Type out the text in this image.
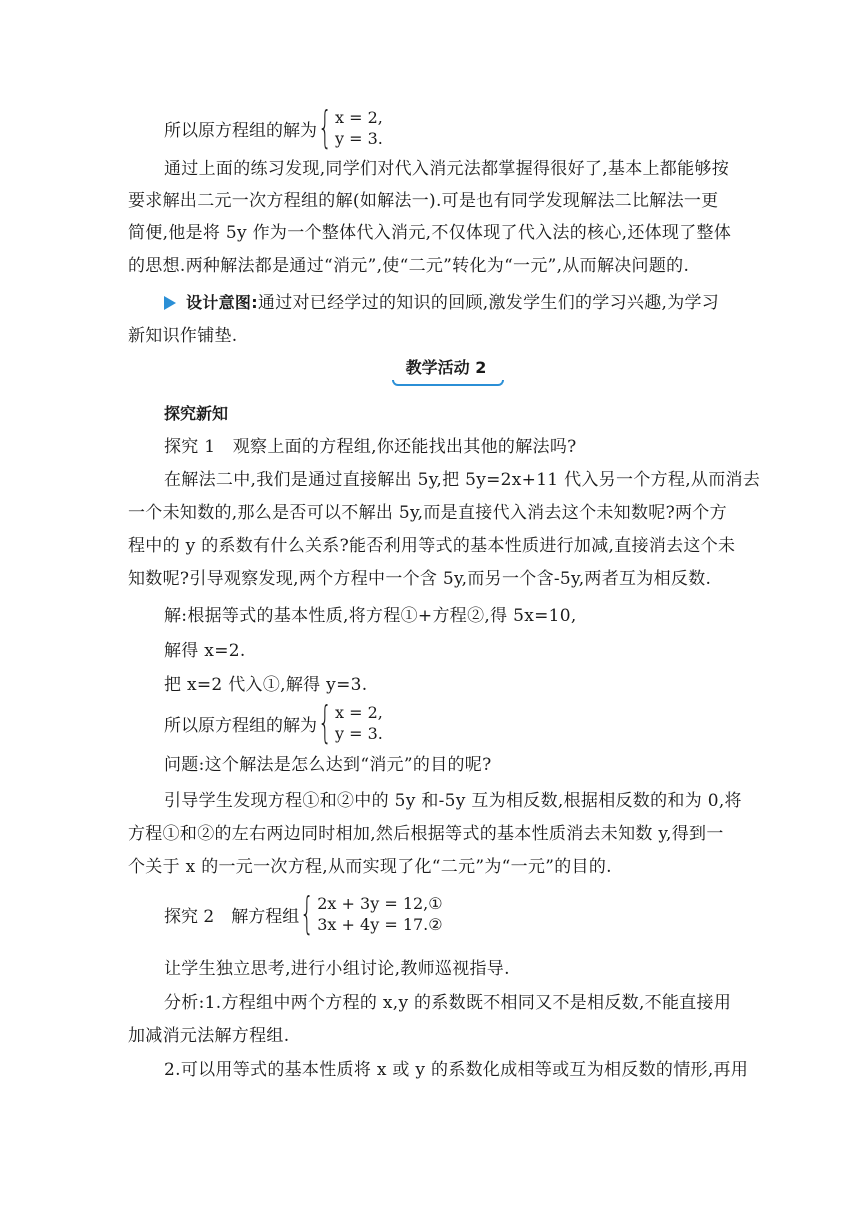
所以原方程组的解为 { x = 2,
y = 3.
通过上面的练习发现,同学们对代入消元法都掌握得很好了,基本上都能够按
要求解出二元一次方程组的解(如解法一).可是也有同学发现解法二比解法一更
简便,他是将 5y 作为一个整体代入消元,不仅体现了代入法的核心,还体现了整体
的思想.两种解法都是通过“消元”,使“二元”转化为“一元”,从而解决问题的.
设计意图:通过对已经学过的知识的回顾,激发学生们的学习兴趣,为学习
新知识作铺垫.
教学活动 2
探究新知
探究 1　观察上面的方程组,你还能找出其他的解法吗?
在解法二中,我们是通过直接解出 5y,把 5y=2x+11 代入另一个方程,从而消去
一个未知数的,那么是否可以不解出 5y,而是直接代入消去这个未知数呢?两个方
程中的 y 的系数有什么关系?能否利用等式的基本性质进行加减,直接消去这个未
知数呢?引导观察发现,两个方程中一个含 5y,而另一个含-5y,两者互为相反数.
解:根据等式的基本性质,将方程①+方程②,得 5x=10,
解得 x=2.
把 x=2 代入①,解得 y=3.
所以原方程组的解为 { x = 2,
y = 3.
问题:这个解法是怎么达到“消元”的目的呢?
引导学生发现方程①和②中的 5y 和-5y 互为相反数,根据相反数的和为 0,将
方程①和②的左右两边同时相加,然后根据等式的基本性质消去未知数 y,得到一
个关于 x 的一元一次方程,从而实现了化“二元”为“一元”的目的.
探究 2　解方程组 { 2x + 3y = 12,①
3x + 4y = 17.②
让学生独立思考,进行小组讨论,教师巡视指导.
分析:1.方程组中两个方程的 x,y 的系数既不相同又不是相反数,不能直接用
加减消元法解方程组.
2.可以用等式的基本性质将 x 或 y 的系数化成相等或互为相反数的情形,再用
